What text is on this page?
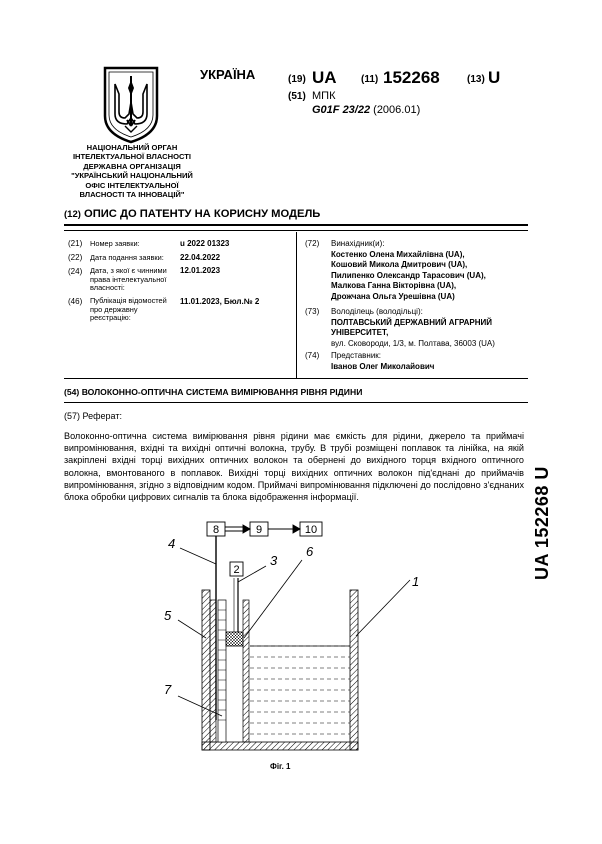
УКРАЇНА	(19) UA (11) 152268	(13) U
(51) МПК
G01F 23/22 (2006.01)
НАЦІОНАЛЬНИЙ ОРГАН
ІНТЕЛЕКТУАЛЬНОЇ ВЛАСНОСТІ
ДЕРЖАВНА ОРГАНІЗАЦІЯ
"УКРАЇНСЬКИЙ НАЦІОНАЛЬНИЙ
ОФІС ІНТЕЛЕКТУАЛЬНОЇ
ВЛАСНОСТІ ТА ІННОВАЦІЙ"
(12) ОПИС ДО ПАТЕНТУ НА КОРИСНУ МОДЕЛЬ
(21) Номер заявки:	u 2022 01323
(22) Дата подання заявки: 22.04.2022
(24) Дата, з якої є чинними права інтелектуальної власності:
12.01.2023
(46) Публікація відомостей про державну реєстрацію:
11.01.2023, Бюл.№ 2
(72) Винахідник(и):
Костенко Олена Михайлівна (UA),
Кошовий Микола Дмитрович (UA),
Пилипенко Олександр Тарасович (UA),
Малкова Ганна Вікторівна (UA),
Дрожчана Ольга Урешівна (UA)
(73) Володілець (володільці):
ПОЛТАВСЬКИЙ ДЕРЖАВНИЙ АГРАРНИЙ
УНІВЕРСИТЕТ,
вул. Сковороди, 1/3, м. Полтава, 36003 (UA)
(74) Представник:
Іванов Олег Миколайович
(54) ВОЛОКОННО-ОПТИЧНА СИСТЕМА ВИМІРЮВАННЯ РІВНЯ РІДИНИ
(57) Реферат:
Волоконно-оптична система вимірювання рівня рідини має ємкість для рідини, джерело та приймачі випромінювання, вхідні та вихідні оптичні волокна, трубу. В трубі розміщені поплавок та лінійка, на якій закріплені вхідні торці вихідних оптичних волокон та обернені до вихідного торця вхідного оптичного волокна, вмонтованого в поплавок. Вихідні торці вихідних оптичних волокон під'єднані до приймачів випромінювання, згідно з відповідним кодом. Приймачі випромінювання підключені до послідовно з'єднаних блока обробки цифрових сигналів та блока відображення інформації.	UA 152268 U
8	9	10
2
1
3
4
5
6
7
Фіг. 1
